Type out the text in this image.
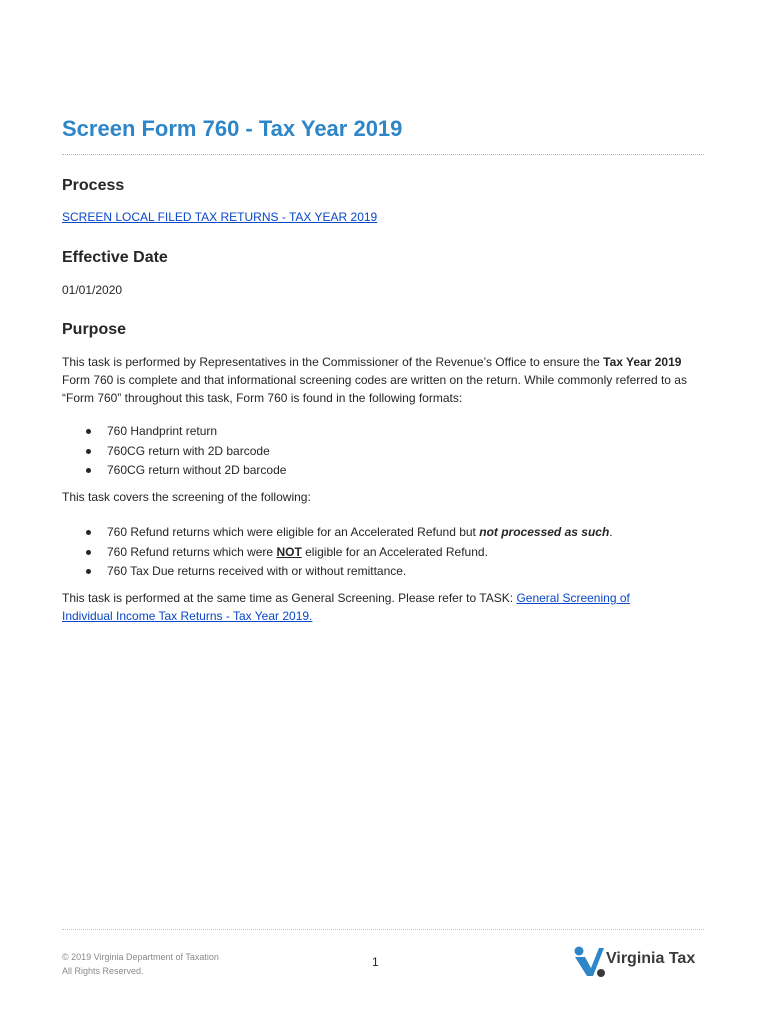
Screen Form 760 - Tax Year 2019
Process
SCREEN LOCAL FILED TAX RETURNS - TAX YEAR 2019
Effective Date
01/01/2020
Purpose

This task is performed by Representatives in the Commissioner of the Revenue’s Office to ensure the Tax Year 2019 Form 760 is complete and that informational screening codes are written on the return. While commonly referred to as “Form 760” throughout this task, Form 760 is found in the following formats:

760 Handprint return
760CG return with 2D barcode
760CG return without 2D barcode
This task covers the screening of the following:
760 Refund returns which were eligible for an Accelerated Refund but not processed as such.
760 Refund returns which were NOT eligible for an Accelerated Refund.
760 Tax Due returns received with or without remittance.

This task is performed at the same time as General Screening. Please refer to TASK: General Screening of Individual Income Tax Returns - Tax Year 2019.

© 2019 Virginia Department of Taxation
All Rights Reserved.
1	Virginia Tax
